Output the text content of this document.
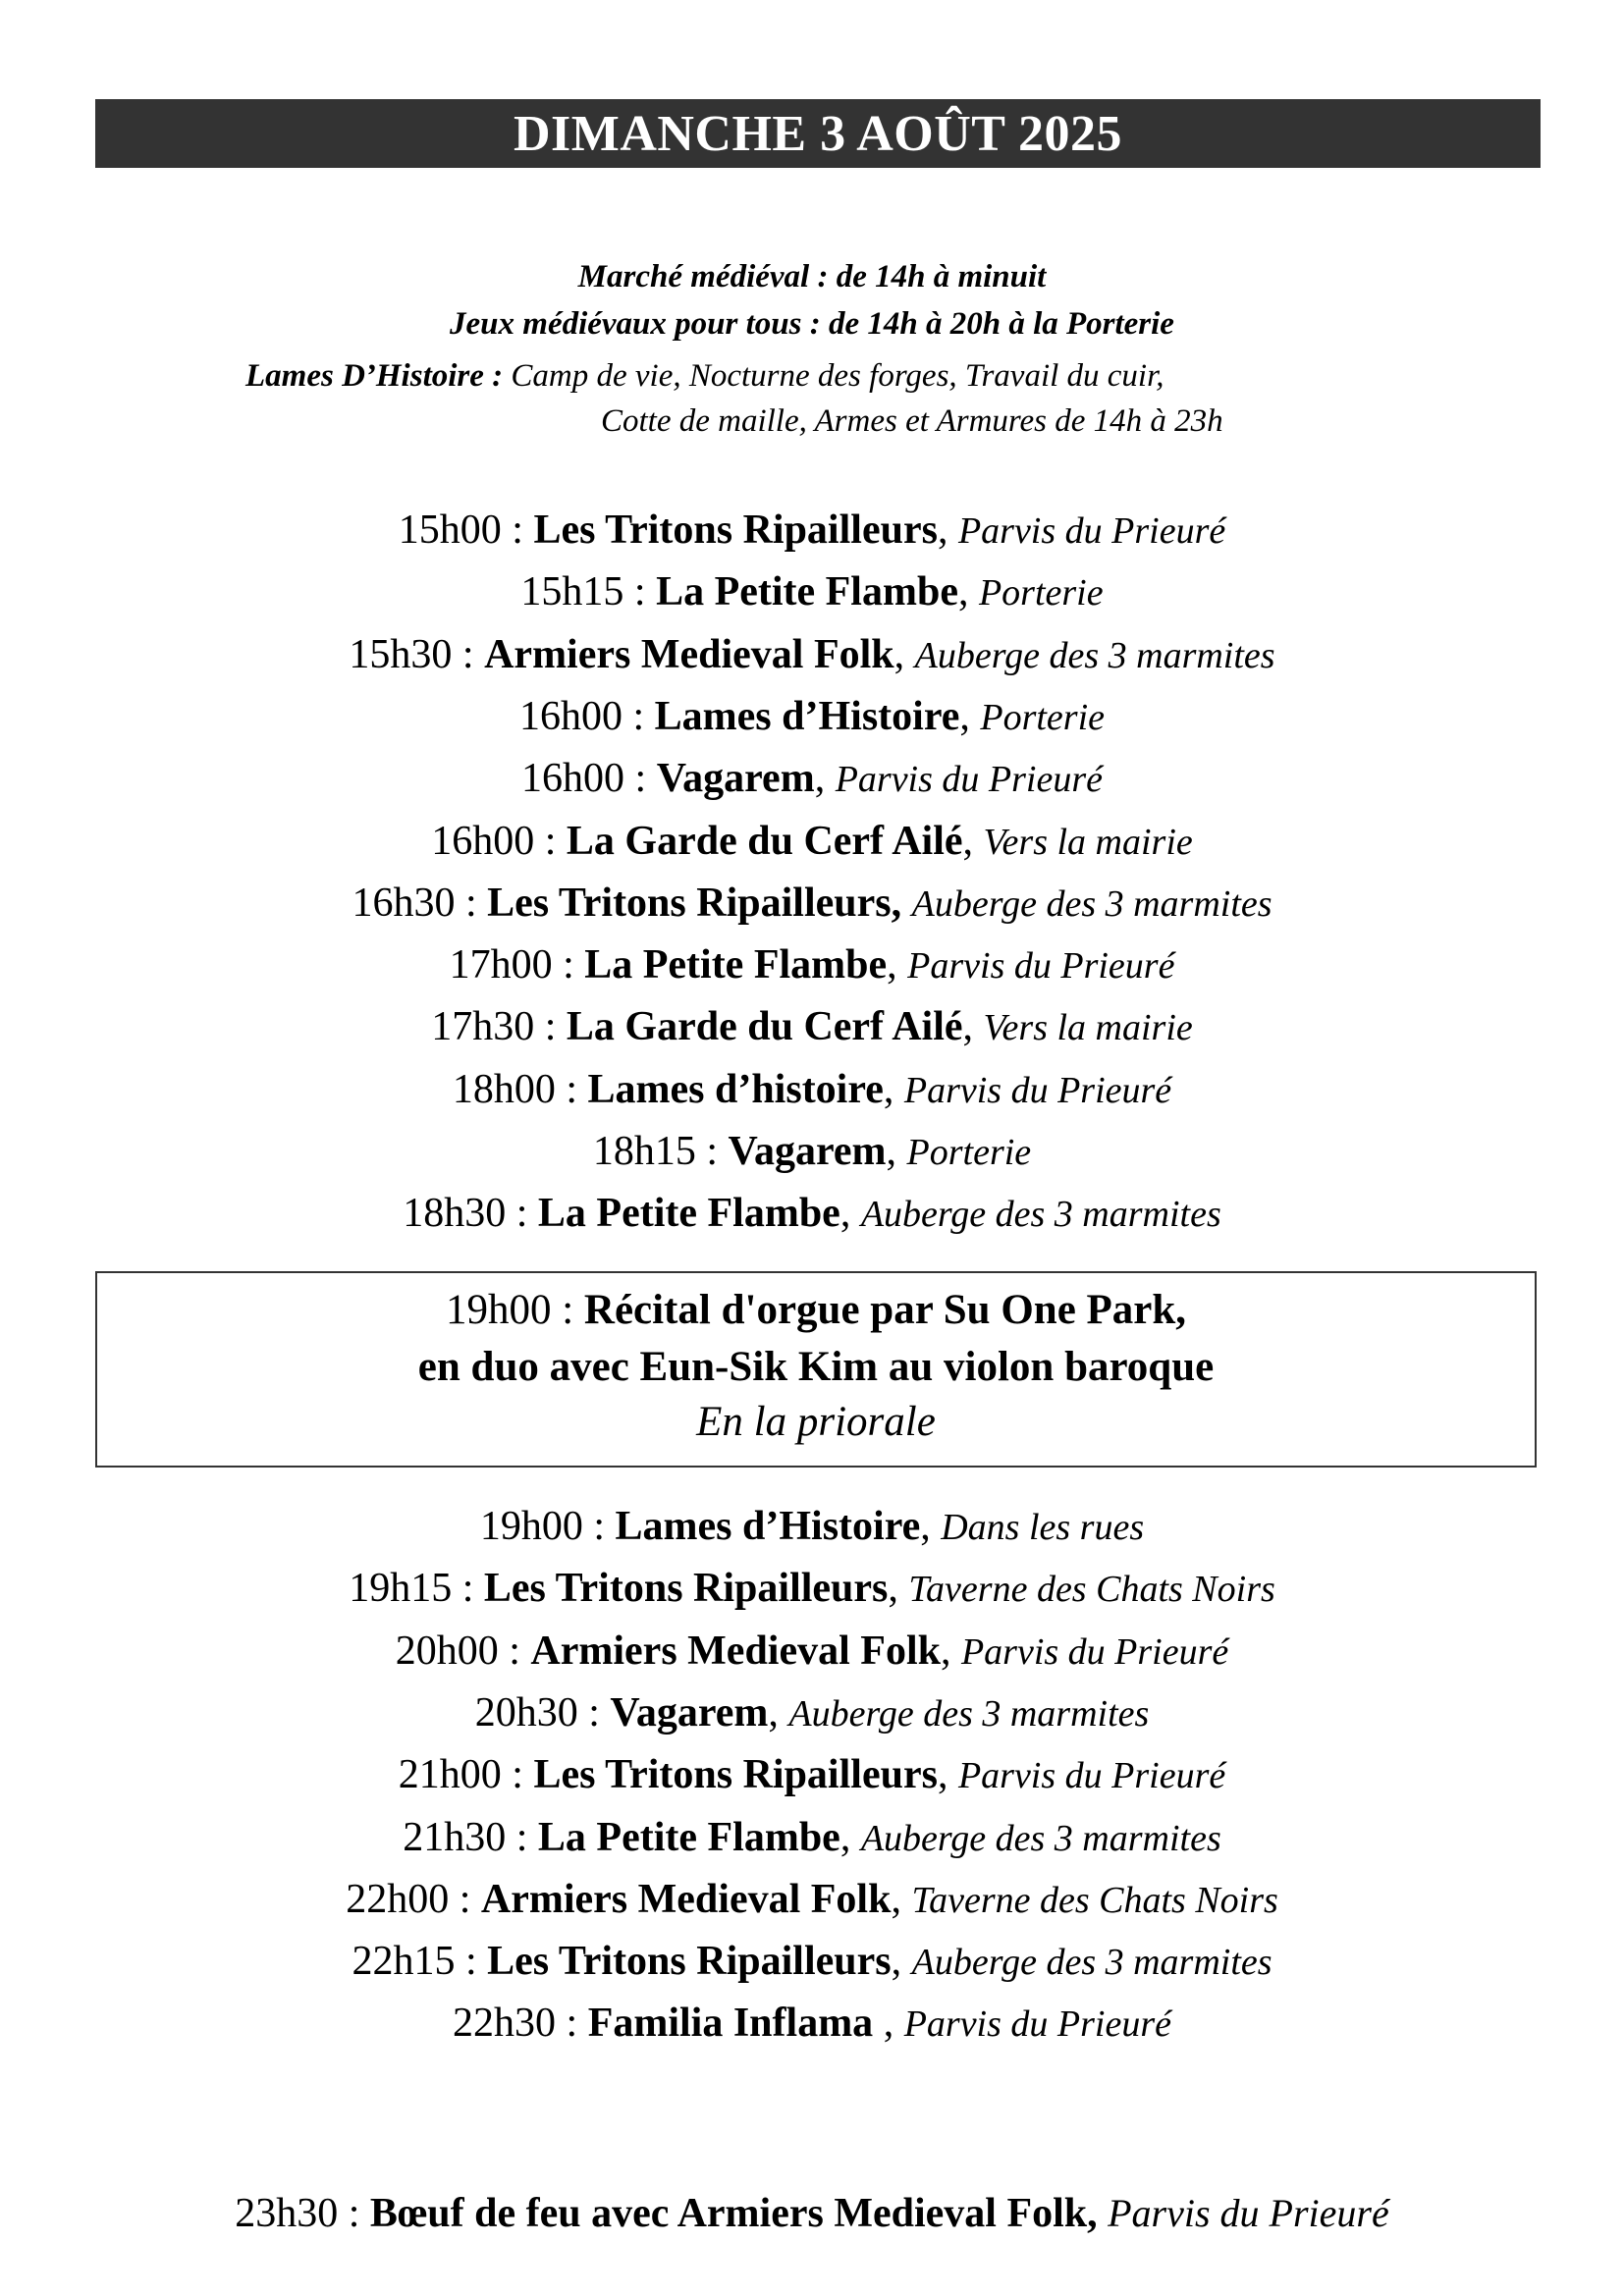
DIMANCHE 3 AOÛT 2025
Marché médiéval : de 14h à minuit
Jeux médiévaux pour tous : de 14h à 20h à la Porterie
Lames D’Histoire : Camp de vie, Nocturne des forges, Travail du cuir,
Cotte de maille, Armes et Armures de 14h à 23h
15h00 : Les Tritons Ripailleurs, Parvis du Prieuré
15h15 : La Petite Flambe, Porterie
15h30 : Armiers Medieval Folk, Auberge des 3 marmites
16h00 : Lames d’Histoire, Porterie
16h00 : Vagarem, Parvis du Prieuré
16h00 : La Garde du Cerf Ailé, Vers la mairie
16h30 : Les Tritons Ripailleurs, Auberge des 3 marmites
17h00 : La Petite Flambe, Parvis du Prieuré
17h30 : La Garde du Cerf Ailé, Vers la mairie
18h00 : Lames d’histoire, Parvis du Prieuré
18h15 : Vagarem, Porterie
18h30 : La Petite Flambe, Auberge des 3 marmites
19h00 : Récital d'orgue par Su One Park,
en duo avec Eun-Sik Kim au violon baroque
En la priorale
19h00 : Lames d’Histoire, Dans les rues
19h15 : Les Tritons Ripailleurs, Taverne des Chats Noirs
20h00 : Armiers Medieval Folk, Parvis du Prieuré
20h30 : Vagarem, Auberge des 3 marmites
21h00 : Les Tritons Ripailleurs, Parvis du Prieuré
21h30 : La Petite Flambe, Auberge des 3 marmites
22h00 : Armiers Medieval Folk, Taverne des Chats Noirs
22h15 : Les Tritons Ripailleurs, Auberge des 3 marmites
22h30 : Familia Inflama , Parvis du Prieuré
23h30 : Bœuf de feu avec Armiers Medieval Folk, Parvis du Prieuré
